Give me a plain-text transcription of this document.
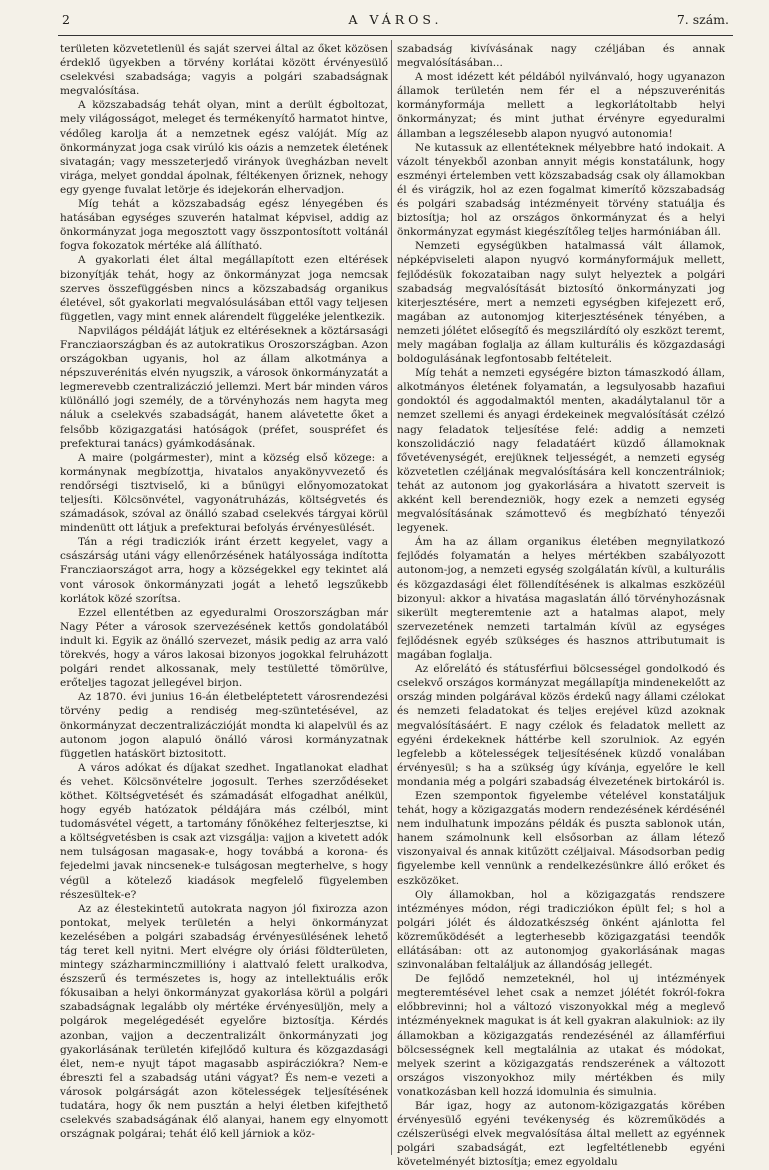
2	A VÁROS.	7. szám.

területen közvetetlenül és saját szervei által az őket közösen érdeklő ügyekben a törvény korlátai között érvényesülő cselekvési szabadsága; vagyis a polgári szabadságnak megvalósítása.

A közszabadság tehát olyan, mint a derült égboltozat, mely világosságot, meleget és termékenyítő harmatot hintve, védőleg karolja át a nemzetnek egész valóját. Míg az önkormányzat joga csak virúló kis oázis a nemzetek életének sivatagán; vagy messzeterjedő virányok üvegházban nevelt virága, melyet gonddal ápolnak, féltékenyen őriznek, nehogy egy gyenge fuvalat letörje és idejekorán elhervadjon.

Míg tehát a közszabadság egész lényegében és hatásában egységes szuverén hatalmat képvisel, addig az önkormányzat joga megosztott vagy összpontosított voltánál fogva fokozatok mértéke alá állítható.

A gyakorlati élet által megállapított ezen eltérések bizonyítják tehát, hogy az önkormányzat joga nemcsak szerves összefüggésben nincs a közszabadság organikus életével, sőt gyakorlati megvalósulásában ettől vagy teljesen független, vagy mint ennek alárendelt függeléke jelentkezik.

Napvilágos példáját látjuk ez eltéréseknek a köztársasági Francziaországban és az autokratikus Oroszországban. Azon országokban ugyanis, hol az állam alkotmánya a népszuverénitás elvén nyugszik, a városok önkormányzatát a legmerevebb czentralizáczió jellemzi. Mert bár minden város különálló jogi személy, de a törvényhozás nem hagyta meg náluk a cselekvés szabadságát, hanem alávetette őket a felsőbb közigazgatási hatóságok (préfet, souspréfet és prefekturai tanács) gyámkodásának.

A maire (polgármester), mint a község első közege: a kormánynak megbízottja, hivatalos anyakönyvvezető és rendőrségi tisztviselő, ki a bűnügyi előnyomozatokat teljesíti. Kölcsönvétel, vagyonátruházás, költségvetés és számadások, szóval az önálló szabad cselekvés tárgyai körül mindenütt ott látjuk a prefekturai befolyás érvényesülését.

Tán a régi tradicziók iránt érzett kegyelet, vagy a császárság utáni vágy ellenőrzésének hatályossága indította Francziaországot arra, hogy a községekkel egy tekintet alá vont városok önkormányzati jogát a lehető legszűkebb korlátok közé szorítsa.

Ezzel ellentétben az egyeduralmi Oroszországban már Nagy Péter a városok szervezésének kettős gondolatából indult ki. Egyik az önálló szervezet, másik pedig az arra való törekvés, hogy a város lakosai bizonyos jogokkal felruházott polgári rendet alkossanak, mely testületté tömörülve, erőteljes tagozat jellegével birjon.

Az 1870. évi junius 16-án életbeléptetett városrendezési törvény pedig a rendiség meg-szüntetésével, az önkormányzat deczentralizáczióját mondta ki alapelvül és az autonom jogon alapuló önálló városi kormányzatnak független hatáskört biztositott.

A város adókat és díjakat szedhet. Ingatlanokat eladhat és vehet. Kölcsönvételre jogosult. Terhes szerződéseket köthet. Költségvetését és számadását elfogadhat anélkül, hogy egyéb hatózatok példájára más czélból, mint tudomásvétel végett, a tartomány főnökéhez felterjesztse, ki a költségvetésben is csak azt vizsgálja: vajjon a kivetett adók nem tulságosan magasak-e, hogy továbbá a korona- és fejedelmi javak nincsenek-e tulságosan megterhelve, s hogy végül a kötelező kiadások megfelelő fügyelemben részesültek-e?

Az az élestekintetű autokrata nagyon jól fixirozza azon pontokat, melyek területén a helyi önkormányzat kezelésében a polgári szabadság érvényesülésének lehető tág teret kell nyitni. Mert elvégre oly óriási földterületen, mintegy százharminczmillióny i alattvaló felett uralkodva, észszerű és természetes is, hogy az intellektuális erők fókusaiban a helyi önkormányzat gyakorlása körül a polgári szabadságnak legalább oly mértéke érvényesüljön, mely a polgárok megelégedését egyelőre biztosítja. Kérdés azonban, vajjon a deczentralizált önkormányzati jog gyakorlásának területén kifejlődő kultura és közgazdasági élet, nem-e nyujt tápot magasabb aspirácziókra? Nem-e ébreszti fel a szabadság utáni vágyat? És nem-e vezeti a városok polgárságát azon kötelességek teljesítésének tudatára, hogy ők nem pusztán a helyi életben kifejthető cselekvés szabadságának élő alanyai, hanem egy elnyomott országnak polgárai; tehát élő kell járniok a köz-

szabadság kivívásának nagy czéljában és annak megvalósításában...

A most idézett két példából nyilvánvaló, hogy ugyanazon államok területén nem fér el a népszuverénitás kormányformája mellett a legkorlátoltabb helyi önkormányzat; és mint juthat érvényre egyeduralmi államban a legszélesebb alapon nyugvó autonomia!

Ne kutassuk az ellentéteknek mélyebbre ható indokait. A vázolt tényekből azonban annyit mégis konstatálunk, hogy eszményi értelemben vett közszabadság csak oly államokban él és virágzik, hol az ezen fogalmat kimerítő közszabadság és polgári szabadság intézményeit törvény statuálja és biztosítja; hol az országos önkormányzat és a helyi önkormányzat egymást kiegészítőleg teljes harmóniában áll.

Nemzeti egységükben hatalmassá vált államok, népképviseleti alapon nyugvó kormányformájuk mellett, fejlődésük fokozataiban nagy sulyt helyeztek a polgári szabadság megvalósítását biztosító önkormányzati jog kiterjesztésére, mert a nemzeti egységben kifejezett erő, magában az autonomjog kiterjesztésének tényében, a nemzeti jólétet elősegítő és megszilárdító oly eszközt teremt, mely magában foglalja az állam kulturális és közgazdasági boldogulásának legfontosabb feltételeit.

Míg tehát a nemzeti egységére bizton támaszkodó állam, alkotmányos életének folyamatán, a legsulyosabb hazafiui gondoktól és aggodalmaktól menten, akadálytalanul tör a nemzet szellemi és anyagi érdekeinek megvalósítását czélzó nagy feladatok teljesítése felé: addig a nemzeti konszolidáczió nagy feladatáért küzdő államoknak fővetévenységét, erejüknek teljességét, a nemzeti egység közvetetlen czéljának megvalósítására kell konczentrálniok; tehát az autonom jog gyakorlására a hivatott szerveit is akként kell berendezniök, hogy ezek a nemzeti egység megvalósításának számottevő és megbízható tényezői legyenek.

Ám ha az állam organikus életében megnyilatkozó fejlődés folyamatán a helyes mértékben szabályozott autonom-jog, a nemzeti egység szolgálatán kívül, a kulturális és közgazdasági élet föllendítésének is alkalmas eszközéül bizonyul: akkor a hivatása magaslatán álló törvényhozásnak sikerült megteremtenie azt a hatalmas alapot, mely szervezetének nemzeti tartalmán kívül az egységes fejlődésnek egyéb szükséges és hasznos attributumait is magában foglalja.

Az előrelátó és státusférfiui bölcsességel gondolkodó és cselekvő országos kormányzat megállapítja mindenekelőtt az ország minden polgárával közös érdekű nagy állami czélokat és nemzeti feladatokat és teljes erejével küzd azoknak megvalósításáért. E nagy czélok és feladatok mellett az egyéni érdekeknek háttérbe kell szorulniok. Az egyén legfelebb a kötelességek teljesítésének küzdő vonalában érvényesül; s ha a szükség úgy kívánja, egyelőre le kell mondania még a polgári szabadság élvezetének birtokáról is.

Ezen szempontok figyelembe vételével konstatáljuk tehát, hogy a közigazgatás modern rendezésének kérdésénél nem indulhatunk impozáns példák és puszta sablonok után, hanem számolnunk kell elsősorban az állam létező viszonyaival és annak kitűzött czéljaival. Másodsorban pedig figyelembe kell vennünk a rendelkezésünkre álló erőket és eszközöket.

Oly államokban, hol a közigazgatás rendszere intézményes módon, régi tradicziókon épült fel; s hol a polgári jólét és áldozatkészség önként ajánlotta fel közreműködését a legterhesebb közigazgatási teendők ellátásában: ott az autonomjog gyakorlásának magas szinvonalában feltaláljuk az állandóság jellegét.

De fejlődő nemzeteknél, hol uj intézmények megteremtésével lehet csak a nemzet jólétét fokról-fokra előbbrevinni; hol a változó viszonyokkal még a meglevő intézményeknek magukat is át kell gyakran alakulniok: az ily államokban a közigazgatás rendezésénél az államférfiui bölcsességnek kell megtalálnia az utakat és módokat, melyek szerint a közigazgatás rendszerének a változott országos viszonyokhoz mily mértékben és mily vonatkozásban kell hozzá idomulnia és simulnia.

Bár igaz, hogy az autonom-közigazgatás körében érvényesülő egyéni tevékenység és közreműködés a czélszerüségi elvek megvalósítása által mellett az egyénnek polgári szabadságát, ezt legfeltétlenebb egyéni követelményét biztosítja; emez egyoldalu
